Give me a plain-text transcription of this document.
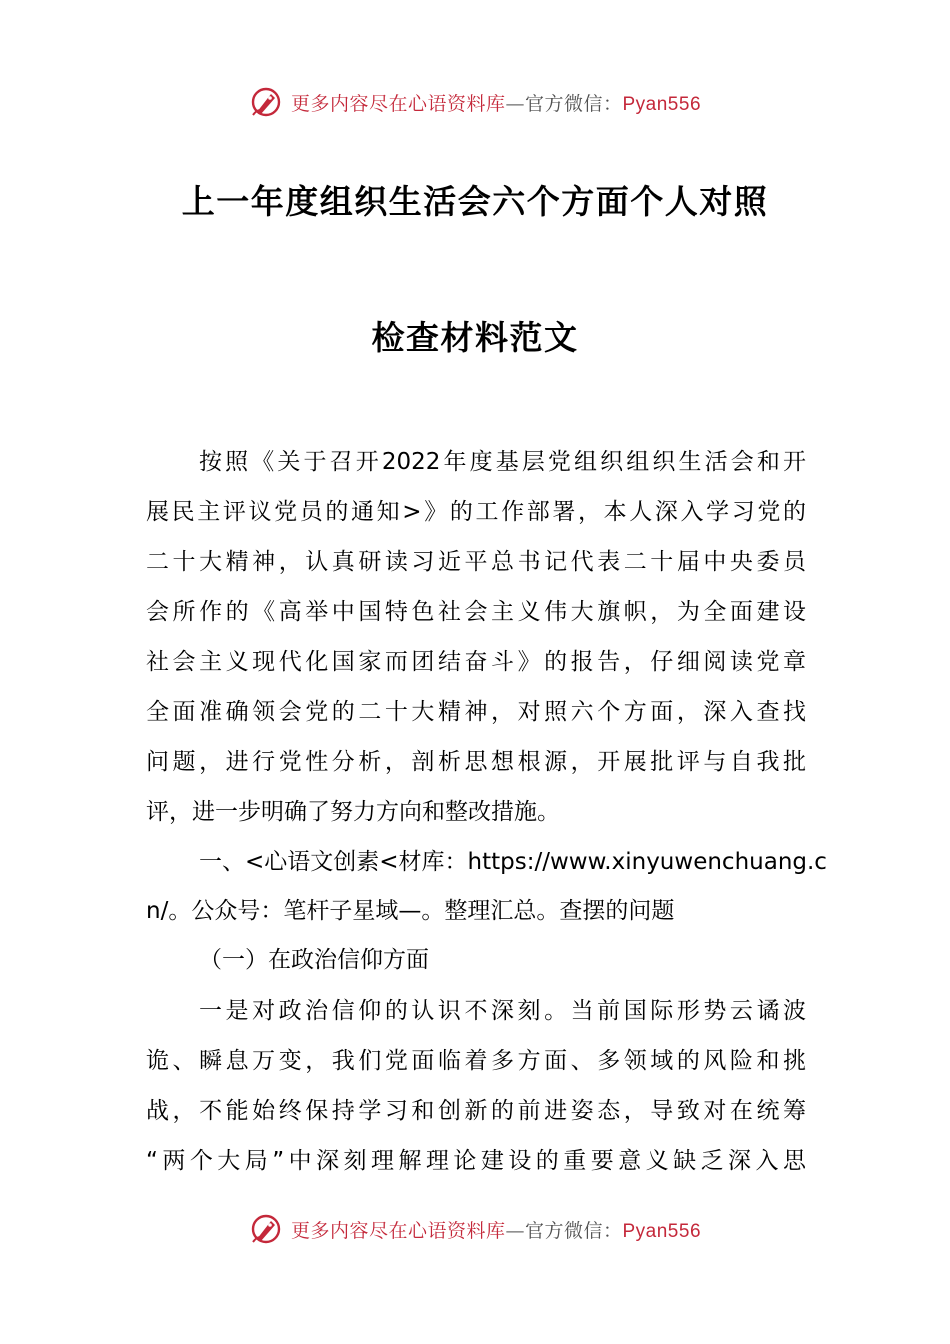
更多内容尽在心语资料库—官方微信：Pyan556
上一年度组织生活会六个方面个人对照
检查材料范文
按照《关于召开2022年度基层党组织组织生活会和开
展民主评议党员的通知>》的工作部署，本人深入学习党的
二十大精神，认真研读习近平总书记代表二十届中央委员
会所作的《高举中国特色社会主义伟大旗帜，为全面建设
社会主义现代化国家而团结奋斗》的报告，仔细阅读党章
全面准确领会党的二十大精神，对照六个方面，深入查找
问题，进行党性分析，剖析思想根源，开展批评与自我批
评，进一步明确了努力方向和整改措施。
一、<心语文创素<材库：https://www.xinyuwenchuang.c
n/。公众号：笔杆子星域—。整理汇总。查摆的问题
（一）在政治信仰方面
一是对政治信仰的认识不深刻。当前国际形势云谲波
诡、瞬息万变，我们党面临着多方面、多领域的风险和挑
战，不能始终保持学习和创新的前进姿态，导致对在统筹
“两个大局”中深刻理解理论建设的重要意义缺乏深入思
更多内容尽在心语资料库—官方微信：Pyan556
